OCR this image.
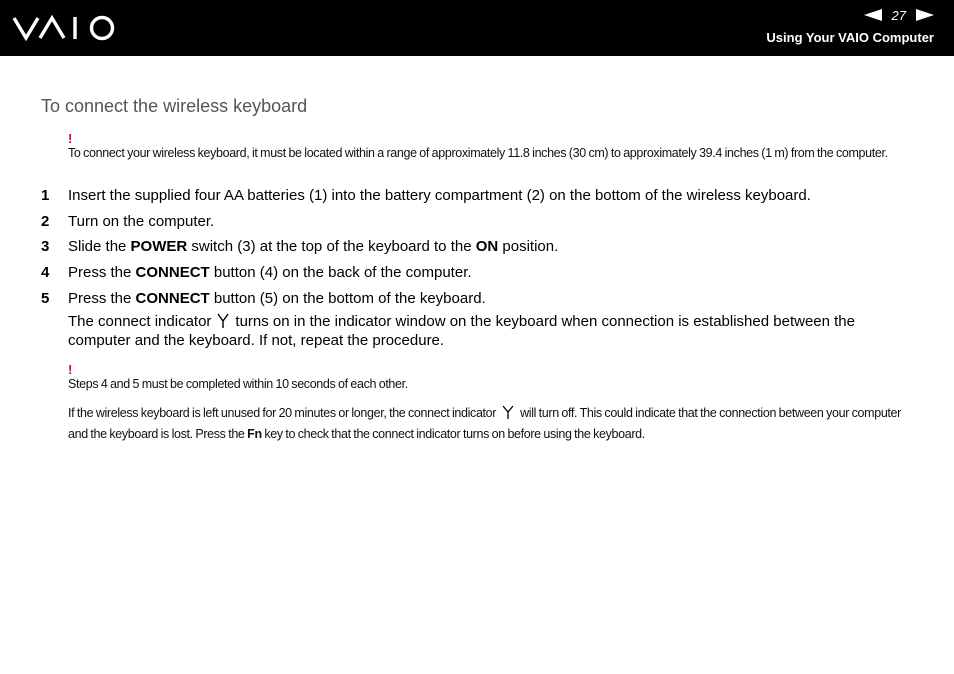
27
Using Your VAIO Computer
To connect the wireless keyboard
!
To connect your wireless keyboard, it must be located within a range of approximately 11.8 inches (30 cm) to approximately 39.4 inches (1 m) from the computer.
1 Insert the supplied four AA batteries (1) into the battery compartment (2) on the bottom of the wireless keyboard.
2 Turn on the computer.
3 Slide the POWER switch (3) at the top of the keyboard to the ON position.
4 Press the CONNECT button (4) on the back of the computer.
5 Press the CONNECT button (5) on the bottom of the keyboard.
The connect indicator turns on in the indicator window on the keyboard when connection is established between the computer and the keyboard. If not, repeat the procedure.
!
Steps 4 and 5 must be completed within 10 seconds of each other.
If the wireless keyboard is left unused for 20 minutes or longer, the connect indicator will turn off. This could indicate that the connection between your computer and the keyboard is lost. Press the Fn key to check that the connect indicator turns on before using the keyboard.
